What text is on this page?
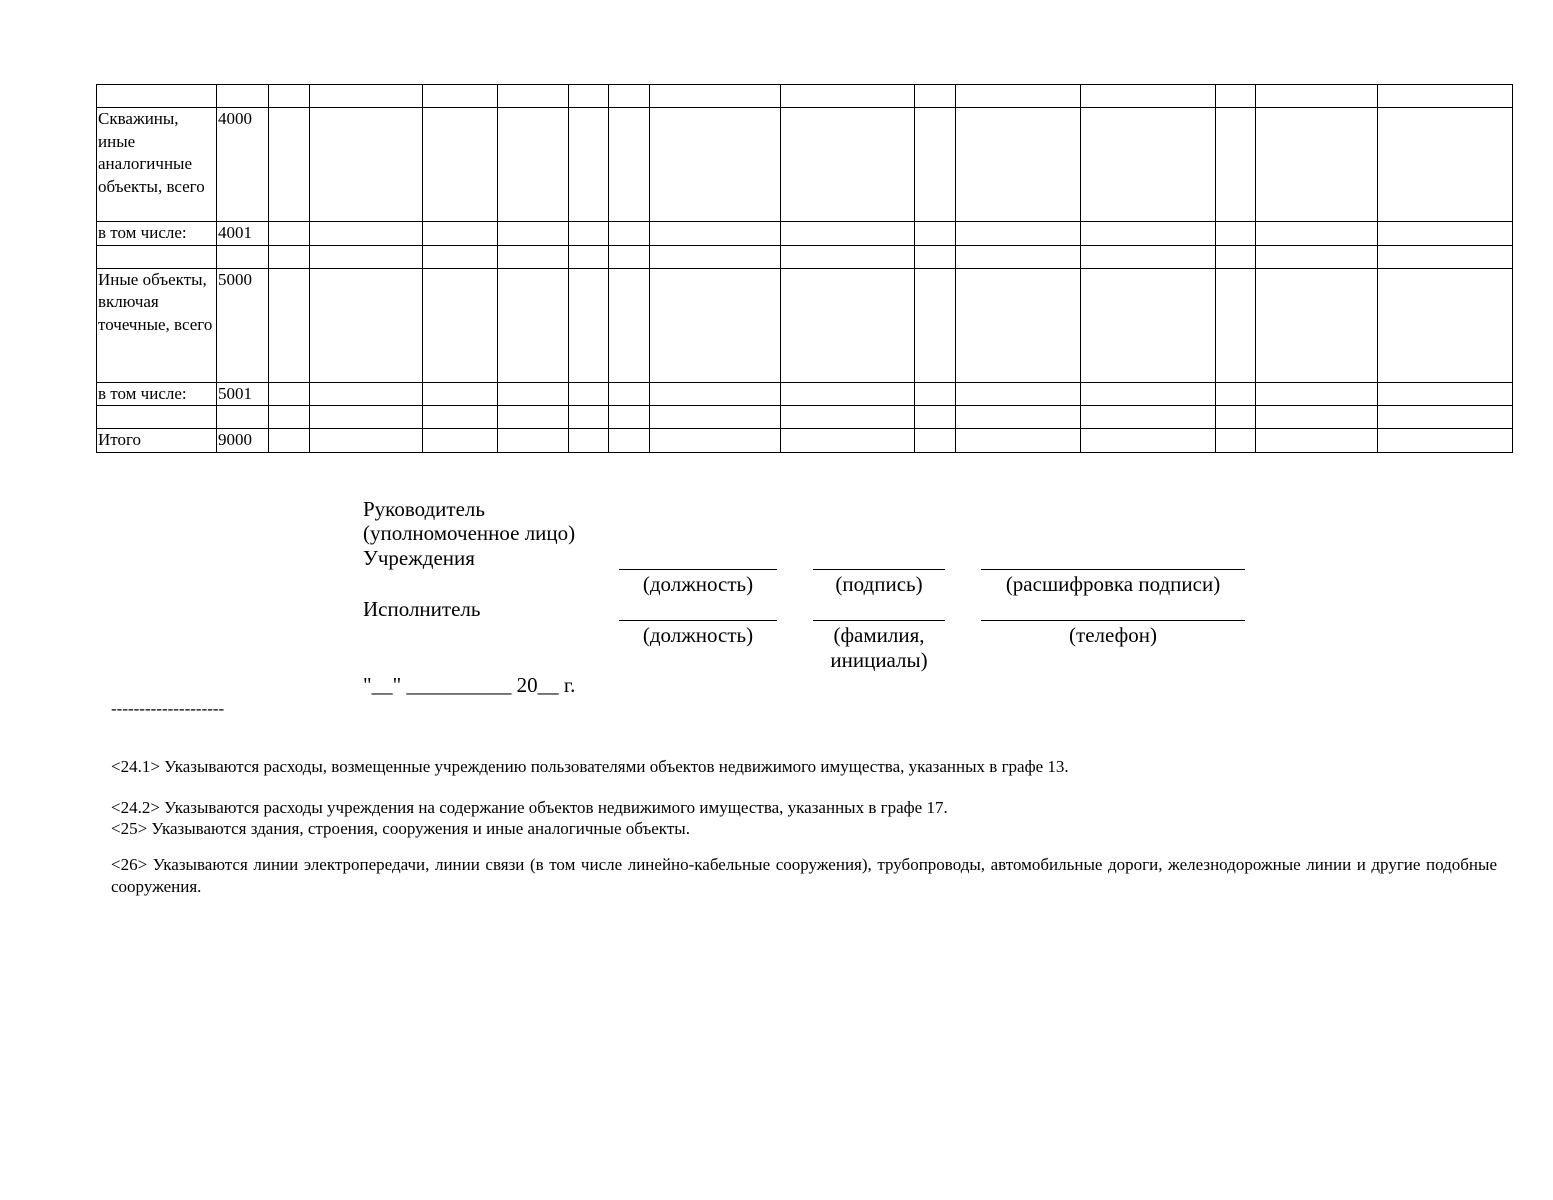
Скважины, иные аналогичные объекты, всего	4000														
в том числе:	4001														

Иные объекты, включая точечные, всего	5000														
в том числе:	5001														

Итого	9000														
Руководитель
(уполномоченное лицо)
Учреждения
(должность)	(подпись)	(расшифровка подписи)
Исполнитель
(должность)	(фамилия,
инициалы)
(телефон)
"__" __________ 20__ г.
--------------------
<24.1> Указываются расходы, возмещенные учреждению пользователями объектов недвижимого имущества, указанных в графе 13.
<24.2> Указываются расходы учреждения на содержание объектов недвижимого имущества, указанных в графе 17.
<25> Указываются здания, строения, сооружения и иные аналогичные объекты.
<26> Указываются линии электропередачи, линии связи (в том числе линейно-кабельные сооружения), трубопроводы, автомобильные дороги, железнодорожные линии и другие подобные сооружения.
